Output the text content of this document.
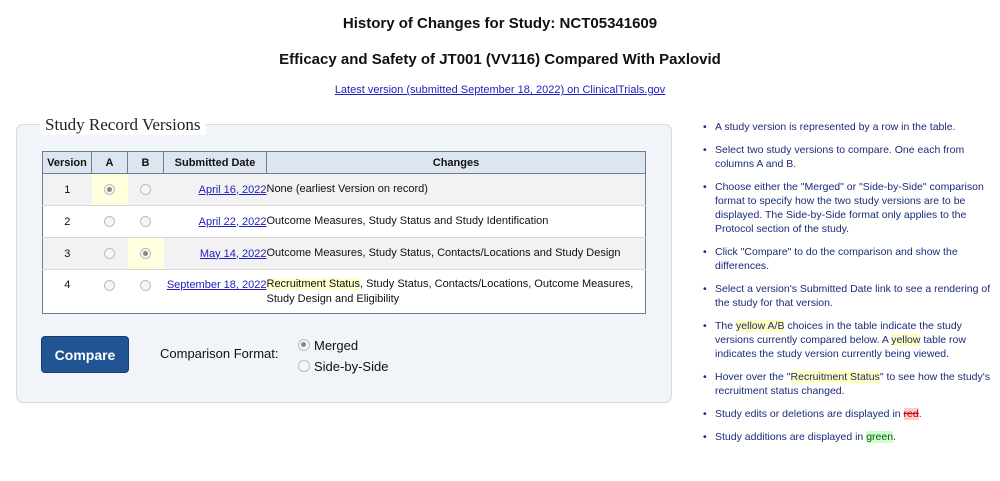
History of Changes for Study: NCT05341609
Efficacy and Safety of JT001 (VV116) Compared With Paxlovid
Latest version (submitted September 18, 2022) on ClinicalTrials.gov
Study Record Versions
Version	A	B	Submitted Date	Changes
1			April 16, 2022	None (earliest Version on record)
2			April 22, 2022	Outcome Measures, Study Status and Study Identification
3			May 14, 2022	Outcome Measures, Study Status, Contacts/Locations and Study Design
4			September 18, 2022	Recruitment Status, Study Status, Contacts/Locations, Outcome Measures, Study Design and Eligibility
Compare	Comparison Format:
Merged
Side-by-Side
• A study version is represented by a row in the table.
• Select two study versions to compare. One each from columns A and B.
• Choose either the "Merged" or "Side-by-Side" comparison format to specify how the two study versions are to be displayed. The Side-by-Side format only applies to the Protocol section of the study.
• Click "Compare" to do the comparison and show the differences.
• Select a version's Submitted Date link to see a rendering of the study for that version.
• The yellow A/B choices in the table indicate the study versions currently compared below. A yellow table row indicates the study version currently being viewed.
• Hover over the "Recruitment Status" to see how the study's recruitment status changed.
• Study edits or deletions are displayed in red.
• Study additions are displayed in green.
